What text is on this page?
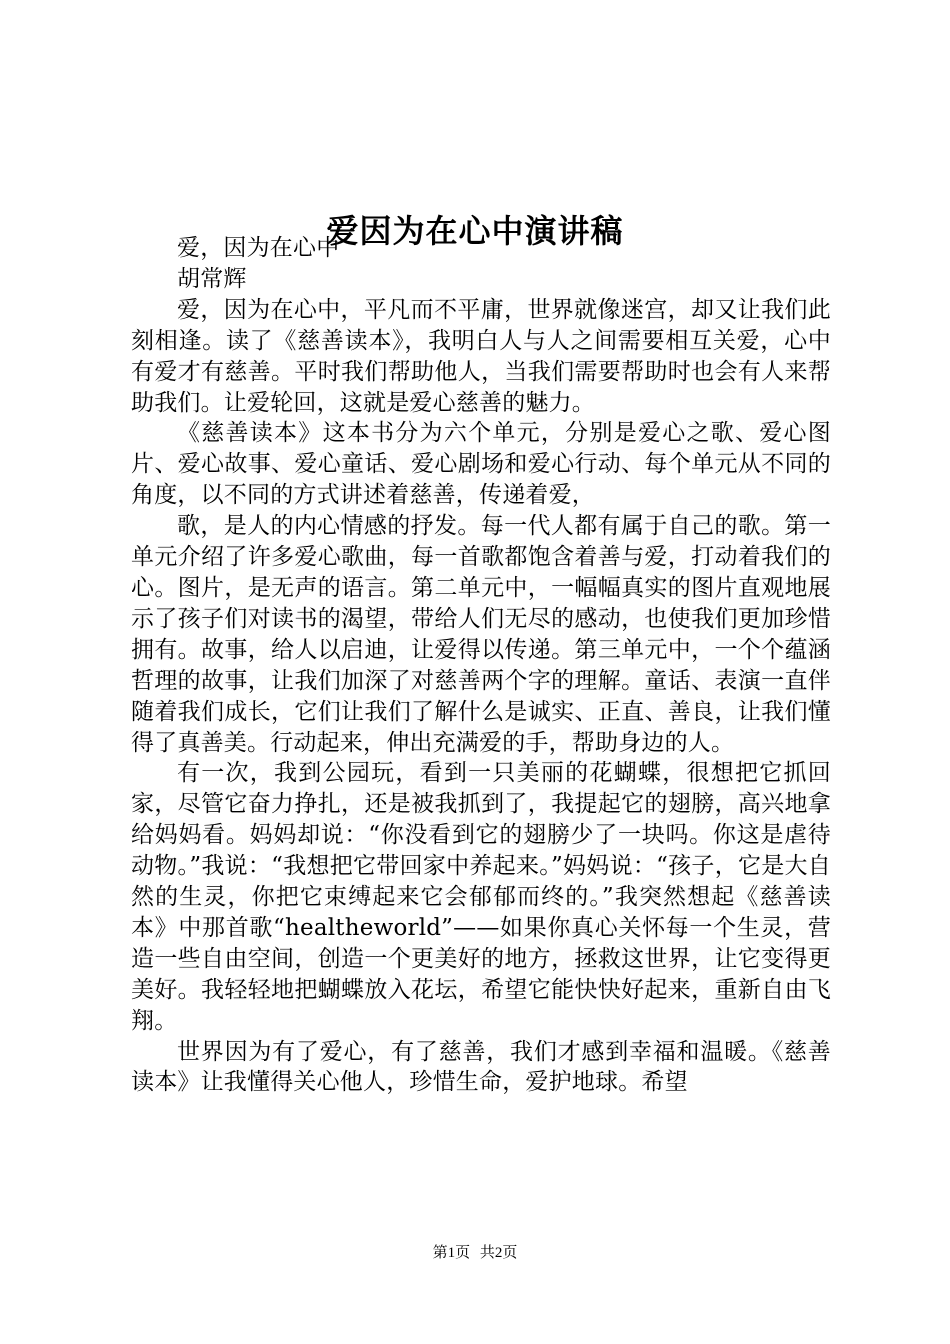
爱因为在心中演讲稿

爱，因为在心中

胡常辉

爱，因为在心中，平凡而不平庸，世界就像迷宫，却又让我们此刻相逢。读了《慈善读本》，我明白人与人之间需要相互关爱，心中有爱才有慈善。平时我们帮助他人，当我们需要帮助时也会有人来帮助我们。让爱轮回，这就是爱心慈善的魅力。

《慈善读本》这本书分为六个单元，分别是爱心之歌、爱心图片、爱心故事、爱心童话、爱心剧场和爱心行动、每个单元从不同的角度，以不同的方式讲述着慈善，传递着爱，

歌，是人的内心情感的抒发。每一代人都有属于自己的歌。第一单元介绍了许多爱心歌曲，每一首歌都饱含着善与爱，打动着我们的心。图片，是无声的语言。第二单元中，一幅幅真实的图片直观地展示了孩子们对读书的渴望，带给人们无尽的感动，也使我们更加珍惜拥有。故事，给人以启迪，让爱得以传递。第三单元中，一个个蕴涵哲理的故事，让我们加深了对慈善两个字的理解。童话、表演一直伴随着我们成长，它们让我们了解什么是诚实、正直、善良，让我们懂得了真善美。行动起来，伸出充满爱的手，帮助身边的人。

有一次，我到公园玩，看到一只美丽的花蝴蝶，很想把它抓回家，尽管它奋力挣扎，还是被我抓到了，我提起它的翅膀，高兴地拿给妈妈看。妈妈却说：“你没看到它的翅膀少了一块吗。你这是虐待动物。”我说：“我想把它带回家中养起来。”妈妈说：“孩子，它是大自然的生灵，你把它束缚起来它会郁郁而终的。”我突然想起《慈善读本》中那首歌“healtheworld”——如果你真心关怀每一个生灵，营造一些自由空间，创造一个更美好的地方，拯救这世界，让它变得更美好。我轻轻地把蝴蝶放入花坛，希望它能快快好起来，重新自由飞翔。

世界因为有了爱心，有了慈善，我们才感到幸福和温暖。《慈善读本》让我懂得关心他人，珍惜生命，爱护地球。希望

第1页 共2页
